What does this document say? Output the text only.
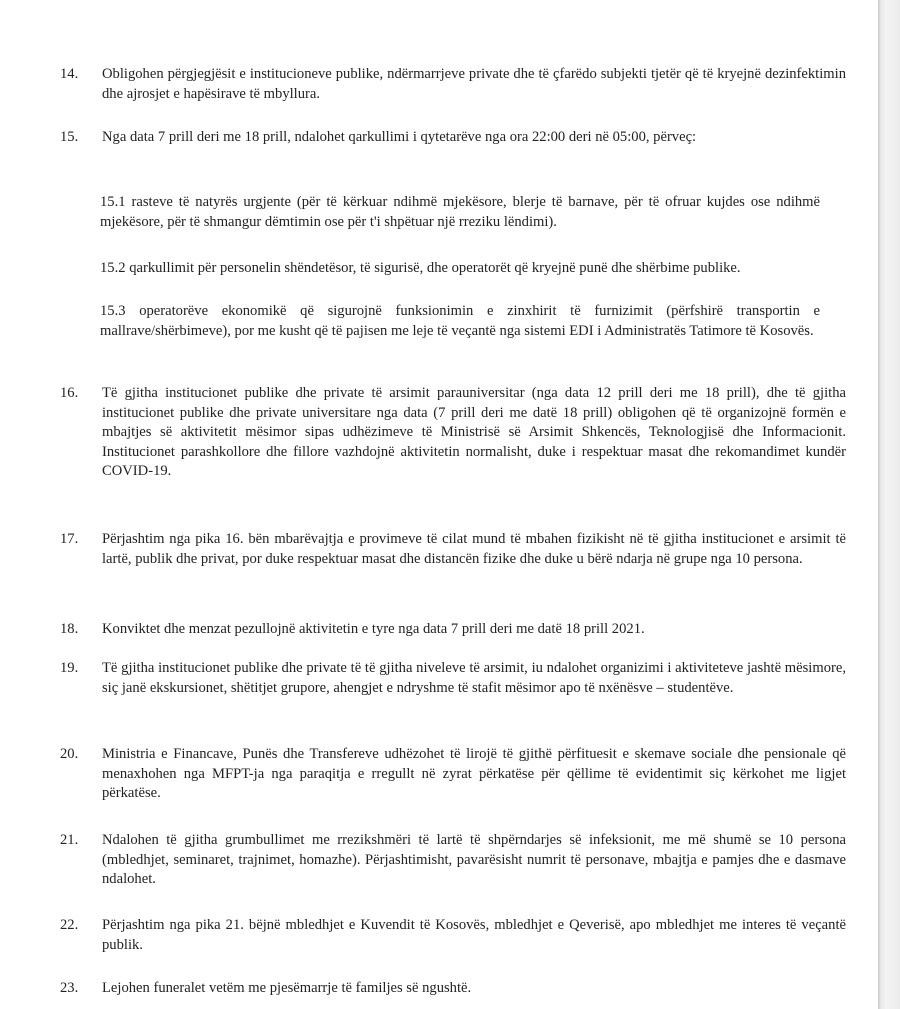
14.	Obligohen përgjegjësit e institucioneve publike, ndërmarrjeve private dhe të çfarëdo subjekti tjetër që të kryejnë dezinfektimin dhe ajrosjet e hapësirave të mbyllura.
15.	Nga data 7 prill deri me 18 prill, ndalohet qarkullimi i qytetarëve nga ora 22:00 deri në 05:00, përveç:
15.1 rasteve të natyrës urgjente (për të kërkuar ndihmë mjekësore, blerje të barnave, për të ofruar kujdes ose ndihmë mjekësore, për të shmangur dëmtimin ose për t'i shpëtuar një rreziku lëndimi).
15.2 qarkullimit për personelin shëndetësor, të sigurisë, dhe operatorët që kryejnë punë dhe shërbime publike.
15.3 operatorëve ekonomikë që sigurojnë funksionimin e zinxhirit të furnizimit (përfshirë transportin e mallrave/shërbimeve), por me kusht që të pajisen me leje të veçantë nga sistemi EDI i Administratës Tatimore të Kosovës.
16.	Të gjitha institucionet publike dhe private të arsimit parauniversitar (nga data 12 prill deri me 18 prill), dhe të gjitha institucionet publike dhe private universitare nga data (7 prill deri me datë 18 prill) obligohen që të organizojnë formën e mbajtjes së aktivitetit mësimor sipas udhëzimeve të Ministrisë së Arsimit Shkencës, Teknologjisë dhe Informacionit. Institucionet parashkollore dhe fillore vazhdojnë aktivitetin normalisht, duke i respektuar masat dhe rekomandimet kundër COVID-19.
17.	Përjashtim nga pika 16. bën mbarëvajtja e provimeve të cilat mund të mbahen fizikisht në të gjitha institucionet e arsimit të lartë, publik dhe privat, por duke respektuar masat dhe distancën fizike dhe duke u bërë ndarja në grupe nga 10 persona.
18.	Konviktet dhe menzat pezullojnë aktivitetin e tyre nga data 7 prill deri me datë 18 prill 2021.
19.	Të gjitha institucionet publike dhe private të të gjitha niveleve të arsimit, iu ndalohet organizimi i aktiviteteve jashtë mësimore, siç janë ekskursionet, shëtitjet grupore, ahengjet e ndryshme të stafit mësimor apo të nxënësve – studentëve.
20.	Ministria e Financave, Punës dhe Transfereve udhëzohet të lirojë të gjithë përfituesit e skemave sociale dhe pensionale që menaxhohen nga MFPT-ja nga paraqitja e rregullt në zyrat përkatëse për qëllime të evidentimit siç kërkohet me ligjet përkatëse.
21.	Ndalohen të gjitha grumbullimet me rrezikshmëri të lartë të shpërndarjes së infeksionit, me më shumë se 10 persona (mbledhjet, seminaret, trajnimet, homazhe). Përjashtimisht, pavarësisht numrit të personave, mbajtja e pamjes dhe e dasmave ndalohet.
22.	Përjashtim nga pika 21. bëjnë mbledhjet e Kuvendit të Kosovës, mbledhjet e Qeverisë, apo mbledhjet me interes të veçantë publik.
23.	Lejohen funeralet vetëm me pjesëmarrje të familjes së ngushtë.
